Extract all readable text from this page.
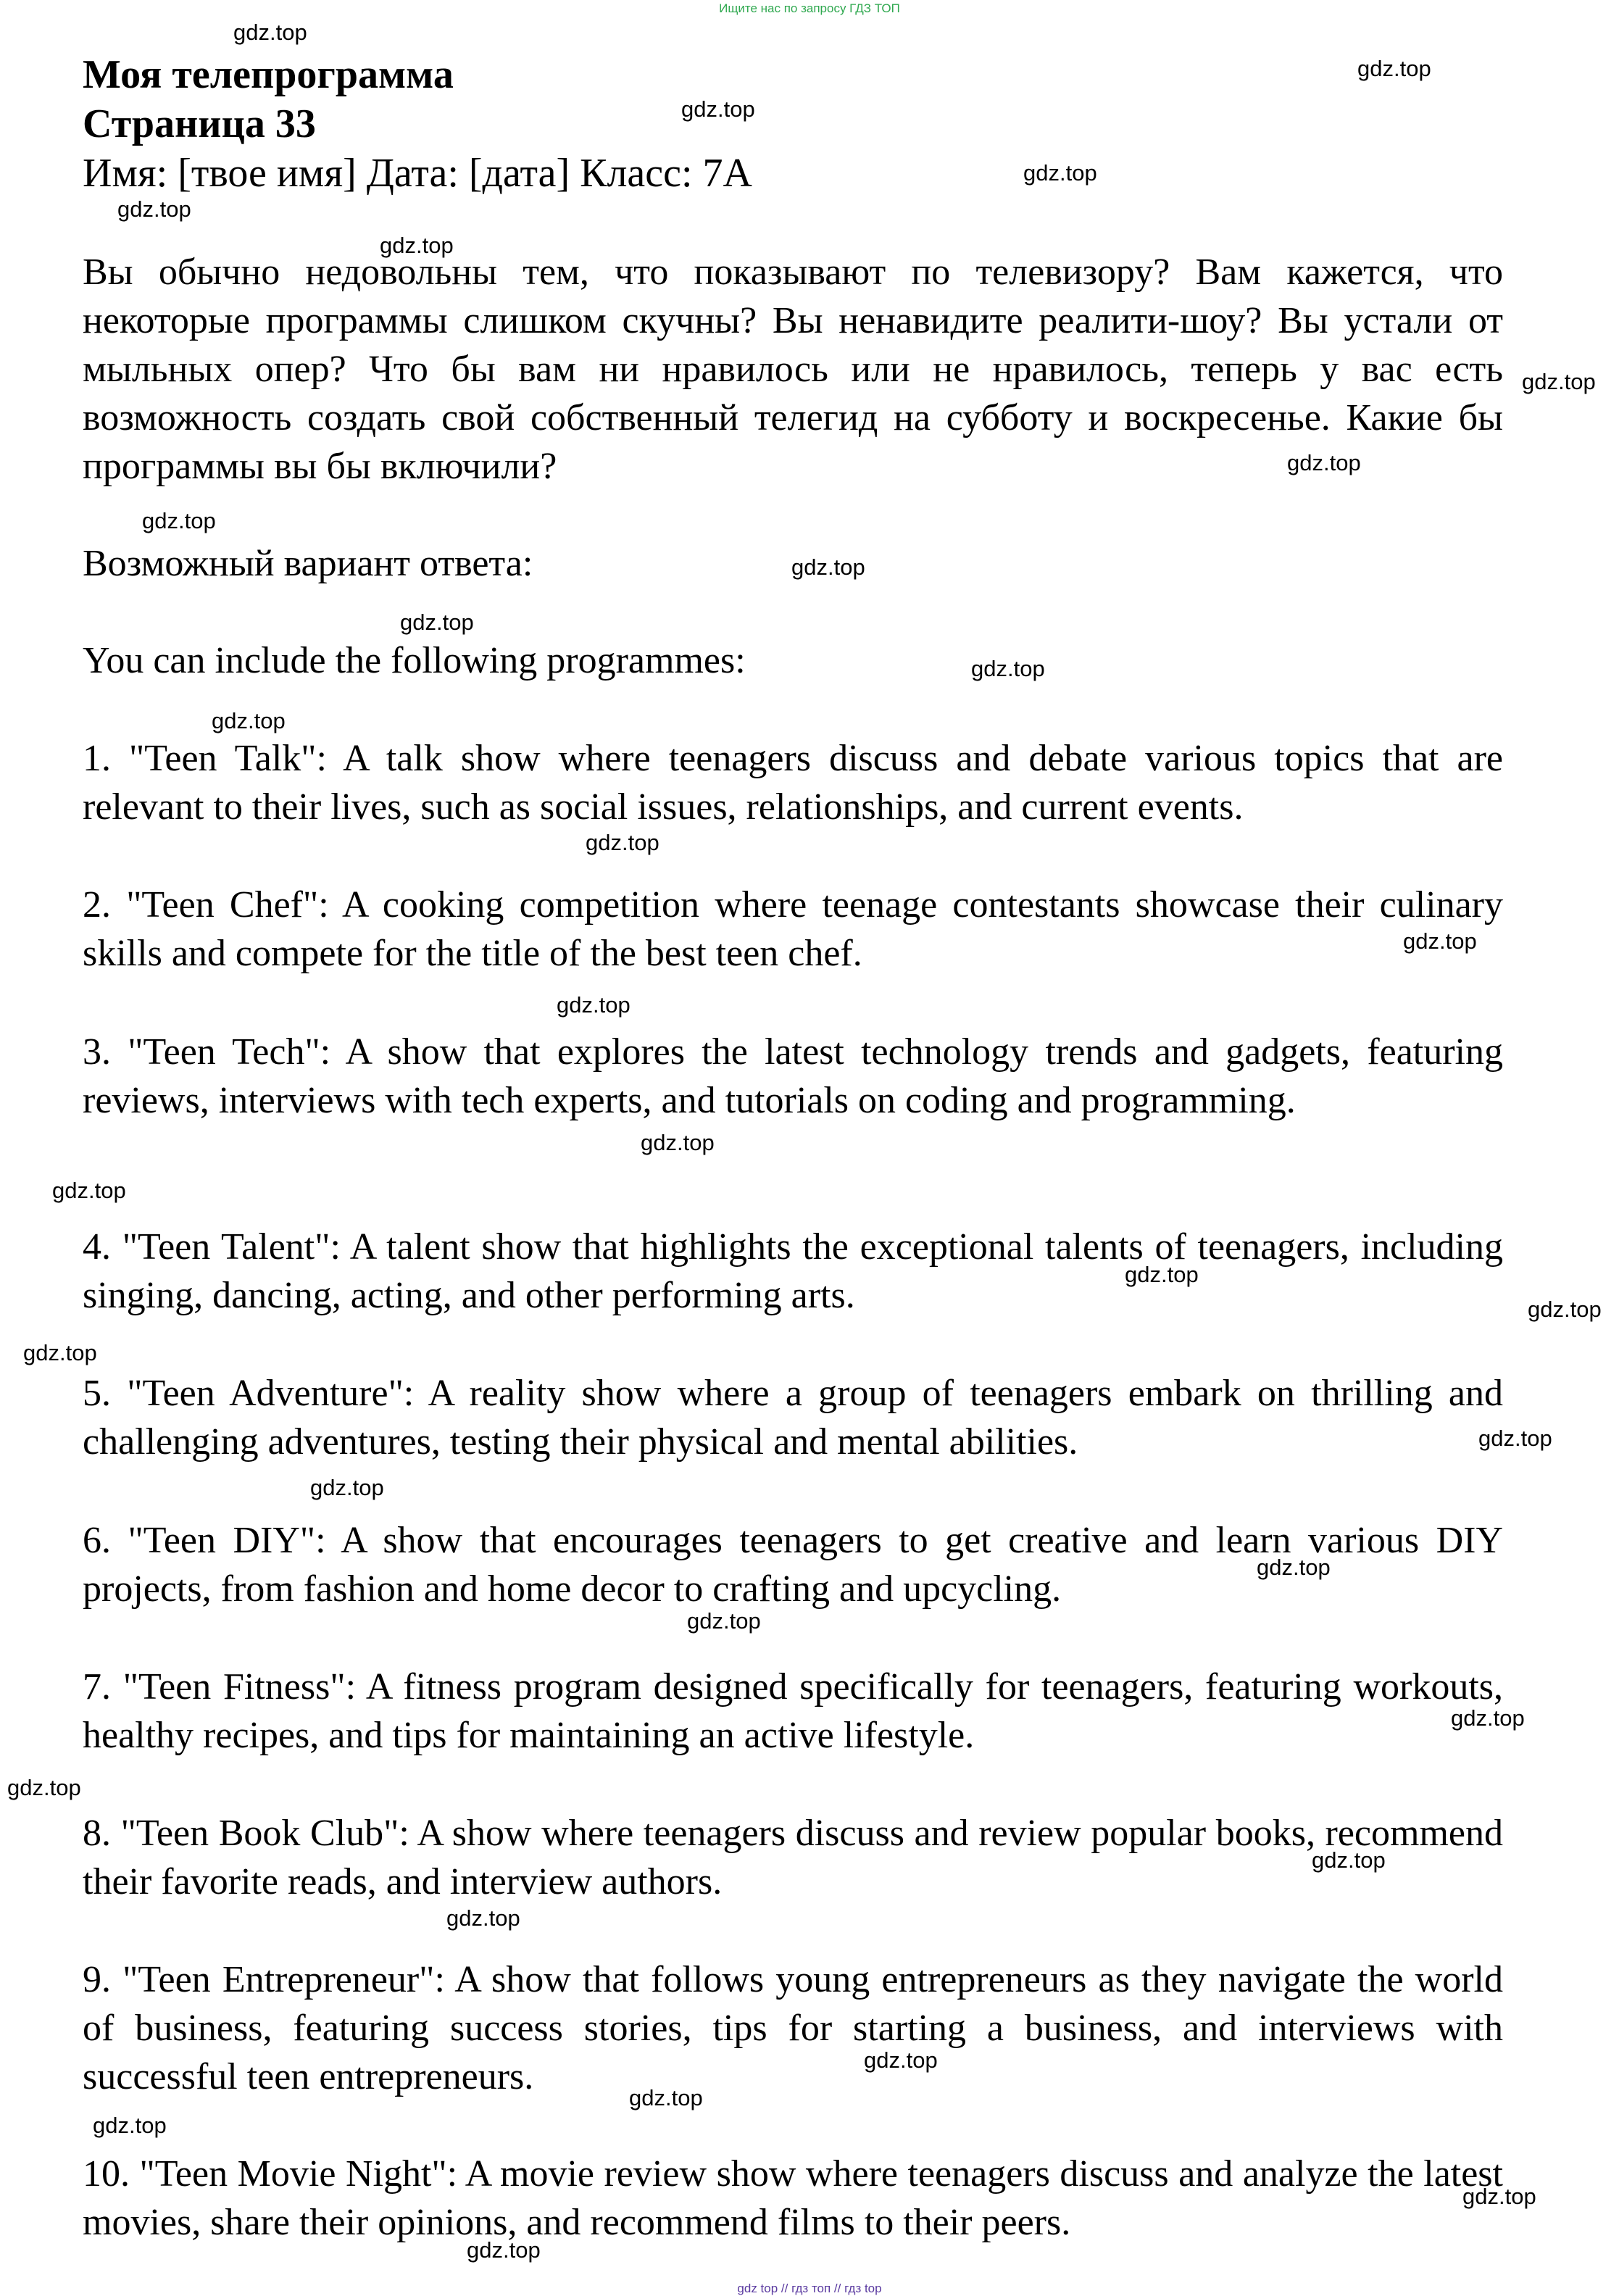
Ищите нас по запросу ГДЗ ТОП
Моя телепрограмма
Страница 33
Имя: [твое имя] Дата: [дата] Класс: 7А
Вы обычно недовольны тем, что показывают по телевизору? Вам кажется, что некоторые программы слишком скучны? Вы ненавидите реалити-шоу? Вы устали от мыльных опер? Что бы вам ни нравилось или не нравилось, теперь у вас есть возможность создать свой собственный телегид на субботу и воскресенье. Какие бы программы вы бы включили?
Возможный вариант ответа:
You can include the following programmes:
1. "Teen Talk": A talk show where teenagers discuss and debate various topics that are relevant to their lives, such as social issues, relationships, and current events.
2. "Teen Chef": A cooking competition where teenage contestants showcase their culinary skills and compete for the title of the best teen chef.
3. "Teen Tech": A show that explores the latest technology trends and gadgets, featuring reviews, interviews with tech experts, and tutorials on coding and programming.
4. "Teen Talent": A talent show that highlights the exceptional talents of teenagers, including singing, dancing, acting, and other performing arts.
5. "Teen Adventure": A reality show where a group of teenagers embark on thrilling and challenging adventures, testing their physical and mental abilities.
6. "Teen DIY": A show that encourages teenagers to get creative and learn various DIY projects, from fashion and home decor to crafting and upcycling.
7. "Teen Fitness": A fitness program designed specifically for teenagers, featuring workouts, healthy recipes, and tips for maintaining an active lifestyle.
8. "Teen Book Club": A show where teenagers discuss and review popular books, recommend their favorite reads, and interview authors.
9. "Teen Entrepreneur": A show that follows young entrepreneurs as they navigate the world of business, featuring success stories, tips for starting a business, and interviews with successful teen entrepreneurs.
10. "Teen Movie Night": A movie review show where teenagers discuss and analyze the latest movies, share their opinions, and recommend films to their peers.
gdz.top
gdz.top
gdz.top
gdz.top
gdz.top
gdz.top
gdz.top
gdz.top
gdz.top
gdz.top
gdz.top
gdz.top
gdz.top
gdz.top
gdz.top
gdz.top
gdz.top
gdz.top
gdz.top
gdz.top
gdz.top
gdz.top
gdz.top
gdz.top
gdz.top
gdz.top
gdz.top
gdz.top
gdz.top
gdz.top
gdz.top
gdz.top
gdz.top
gdz.top
gdz top // гдз топ // гдз top
